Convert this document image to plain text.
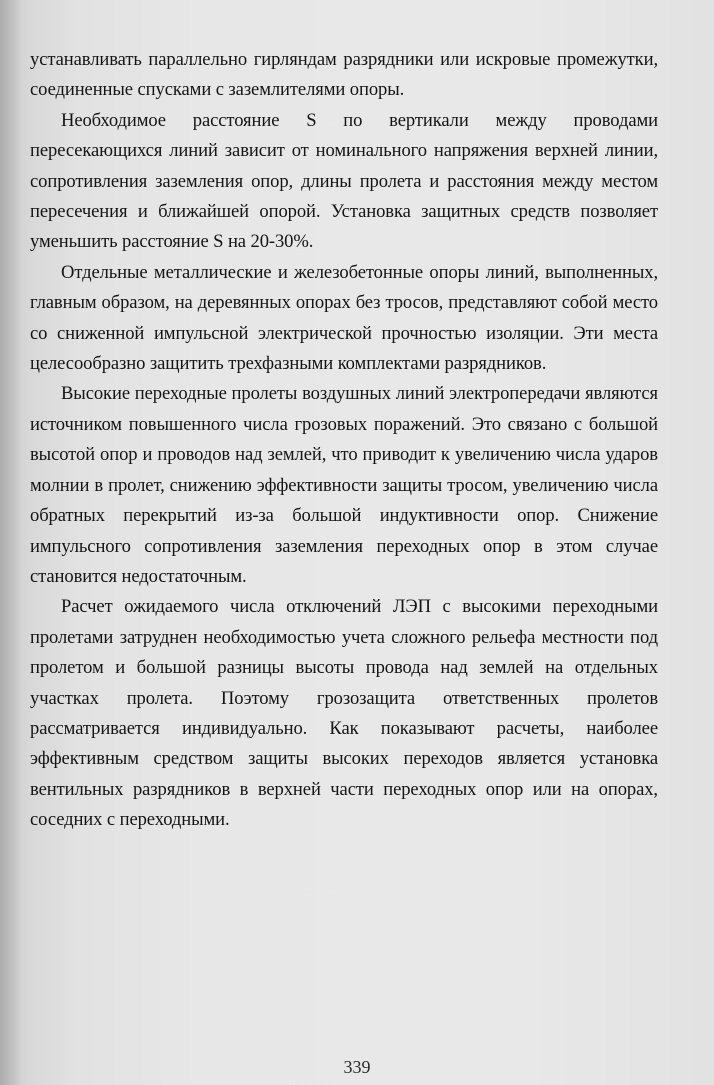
устанавливать параллельно гирляндам разрядники или искровые промежутки, соединенные спусками с заземлителями опоры.

Необходимое расстояние S по вертикали между проводами пересекающихся линий зависит от номинального напряжения верхней линии, сопротивления заземления опор, длины пролета и расстояния между местом пересечения и ближайшей опорой. Установка защитных средств позволяет уменьшить расстояние S на 20-30%.

Отдельные металлические и железобетонные опоры линий, выполненных, главным образом, на деревянных опорах без тросов, представляют собой место со сниженной импульсной электрической прочностью изоляции. Эти места целесообразно защитить трехфазными комплектами разрядников.

Высокие переходные пролеты воздушных линий электропередачи являются источником повышенного числа грозовых поражений. Это связано с большой высотой опор и проводов над землей, что приводит к увеличению числа ударов молнии в пролет, снижению эффективности защиты тросом, увеличению числа обратных перекрытий из-за большой индуктивности опор. Снижение импульсного сопротивления заземления переходных опор в этом случае становится недостаточным.

Расчет ожидаемого числа отключений ЛЭП с высокими переходными пролетами затруднен необходимостью учета сложного рельефа местности под пролетом и большой разницы высоты провода над землей на отдельных участках пролета. Поэтому грозозащита ответственных пролетов рассматривается индивидуально. Как показывают расчеты, наиболее эффективным средством защиты высоких переходов является установка вентильных разрядников в верхней части переходных опор или на опорах, соседних с переходными.

339
